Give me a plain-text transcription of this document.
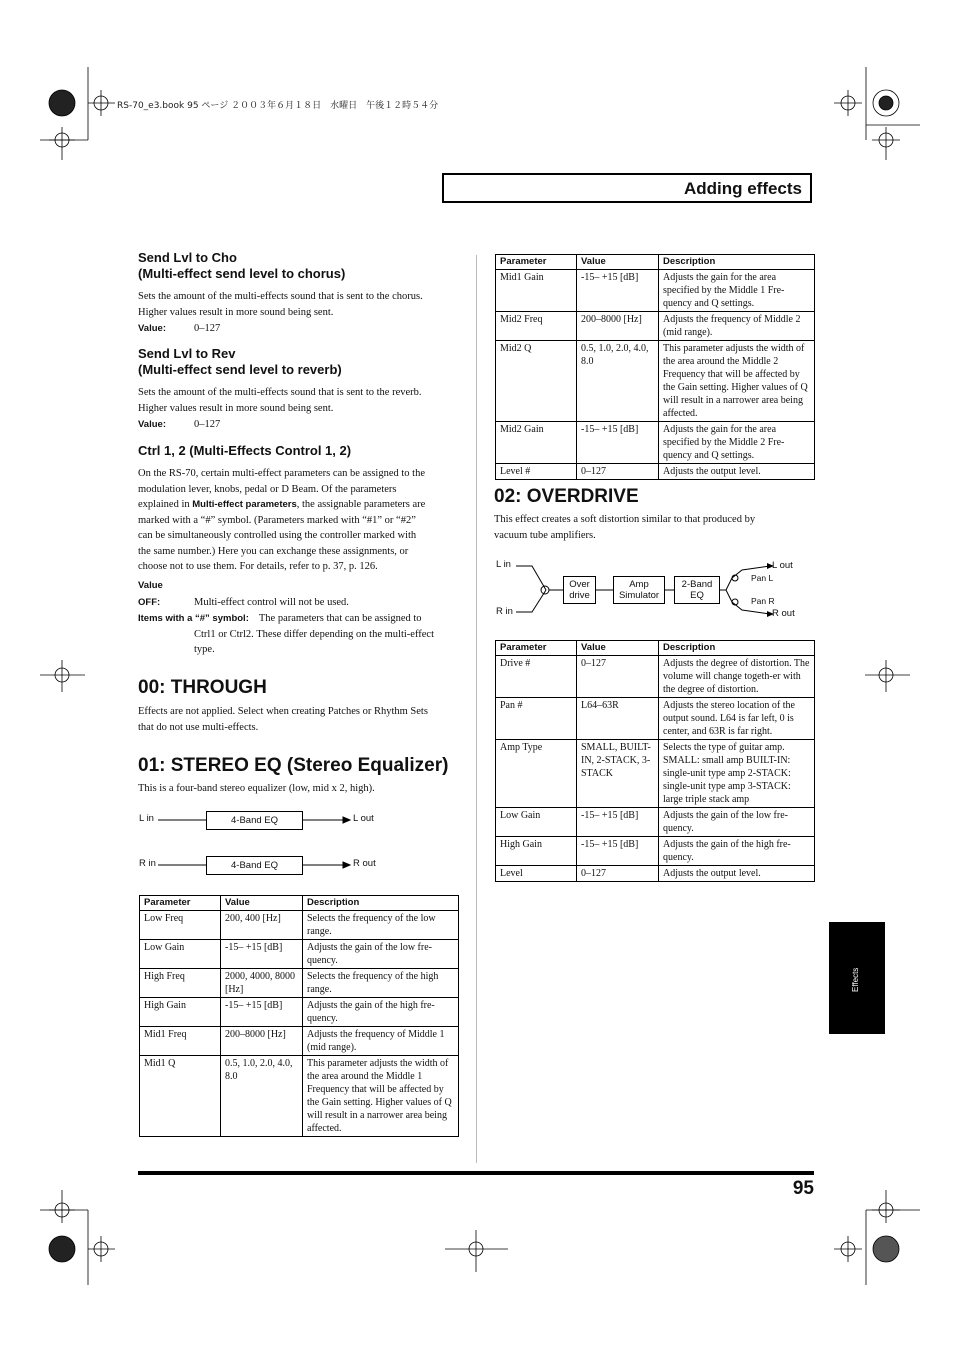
RS-70_e3.book 95 ページ ２００３年６月１８日　水曜日　午後１２時５４分
Adding effects

Send Lvl to Cho

(Multi-effect send level to chorus)

Sets the amount of the multi-effects sound that is sent to the chorus.

Higher values result in more sound being sent.

Value:	0–127

Send Lvl to Rev

(Multi-effect send level to reverb)

Sets the amount of the multi-effects sound that is sent to the reverb.

Higher values result in more sound being sent.

Value:	0–127

Ctrl 1, 2 (Multi-Effects Control 1, 2)

On the RS-70, certain multi-effect parameters can be assigned to the

modulation lever, knobs, pedal or D Beam. Of the parameters

explained in Multi-effect parameters, the assignable parameters are

marked with a “#” symbol. (Parameters marked with “#1” or “#2”

can be simultaneously controlled using the controller marked with

the same number.) Here you can exchange these assignments, or

choose not to use them. For details, refer to p. 37, p. 126.

Value

OFF:	Multi-effect control will not be used.

Items with a “#” symbol: The parameters that can be assigned to

Ctrl1 or Ctrl2. These differ depending on the multi-effect

type.

00: THROUGH

Effects are not applied. Select when creating Patches or Rhythm Sets

that do not use multi-effects.

01: STEREO EQ (Stereo Equalizer)

This is a four-band stereo equalizer (low, mid x 2, high).

L in	L out
R in	R out
4-Band EQ
4-Band EQ
Parameter	Value	Description
Low Freq	200, 400 [Hz]	Selects the frequency of the low range.
Low Gain	-15– +15 [dB]	Adjusts the gain of the low fre-quency.
High Freq	2000, 4000, 8000 [Hz]	Selects the frequency of the high range.
High Gain	-15– +15 [dB]	Adjusts the gain of the high fre-quency.
Mid1 Freq	200–8000 [Hz]	Adjusts the frequency of Middle 1 (mid range).
Mid1 Q	0.5, 1.0, 2.0, 4.0, 8.0	This parameter adjusts the width of the area around the Middle 1 Frequency that will be affected by the Gain setting. Higher values of Q will result in a narrower area being affected.
Parameter	Value	Description
Mid1 Gain	-15– +15 [dB]	Adjusts the gain for the area specified by the Middle 1 Fre-quency and Q settings.
Mid2 Freq	200–8000 [Hz]	Adjusts the frequency of Middle 2 (mid range).
Mid2 Q	0.5, 1.0, 2.0, 4.0, 8.0	This parameter adjusts the width of the area around the Middle 2 Frequency that will be affected by the Gain setting. Higher values of Q will result in a narrower area being affected.
Mid2 Gain	-15– +15 [dB]	Adjusts the gain for the area specified by the Middle 2 Fre-quency and Q settings.
Level #	0–127	Adjusts the output level.

02: OVERDRIVE

This effect creates a soft distortion similar to that produced by

vacuum tube amplifiers.

L in
R in
L out
R out
Pan L
Pan R
Over
drive
Amp
Simulator
2-Band
EQ
Parameter	Value	Description
Drive #	0–127	Adjusts the degree of distortion. The volume will change togeth-er with the degree of distortion.
Pan #	L64–63R	Adjusts the stereo location of the output sound. L64 is far left, 0 is center, and 63R is far right.
Amp Type	SMALL, BUILT-IN, 2-STACK, 3-STACK	Selects the type of guitar amp. SMALL: small amp BUILT-IN: single-unit type amp 2-STACK: single-unit type amp 3-STACK: large triple stack amp
Low Gain	-15– +15 [dB]	Adjusts the gain of the low fre-quency.
High Gain	-15– +15 [dB]	Adjusts the gain of the high fre-quency.
Level	0–127	Adjusts the output level.
95
Effects
